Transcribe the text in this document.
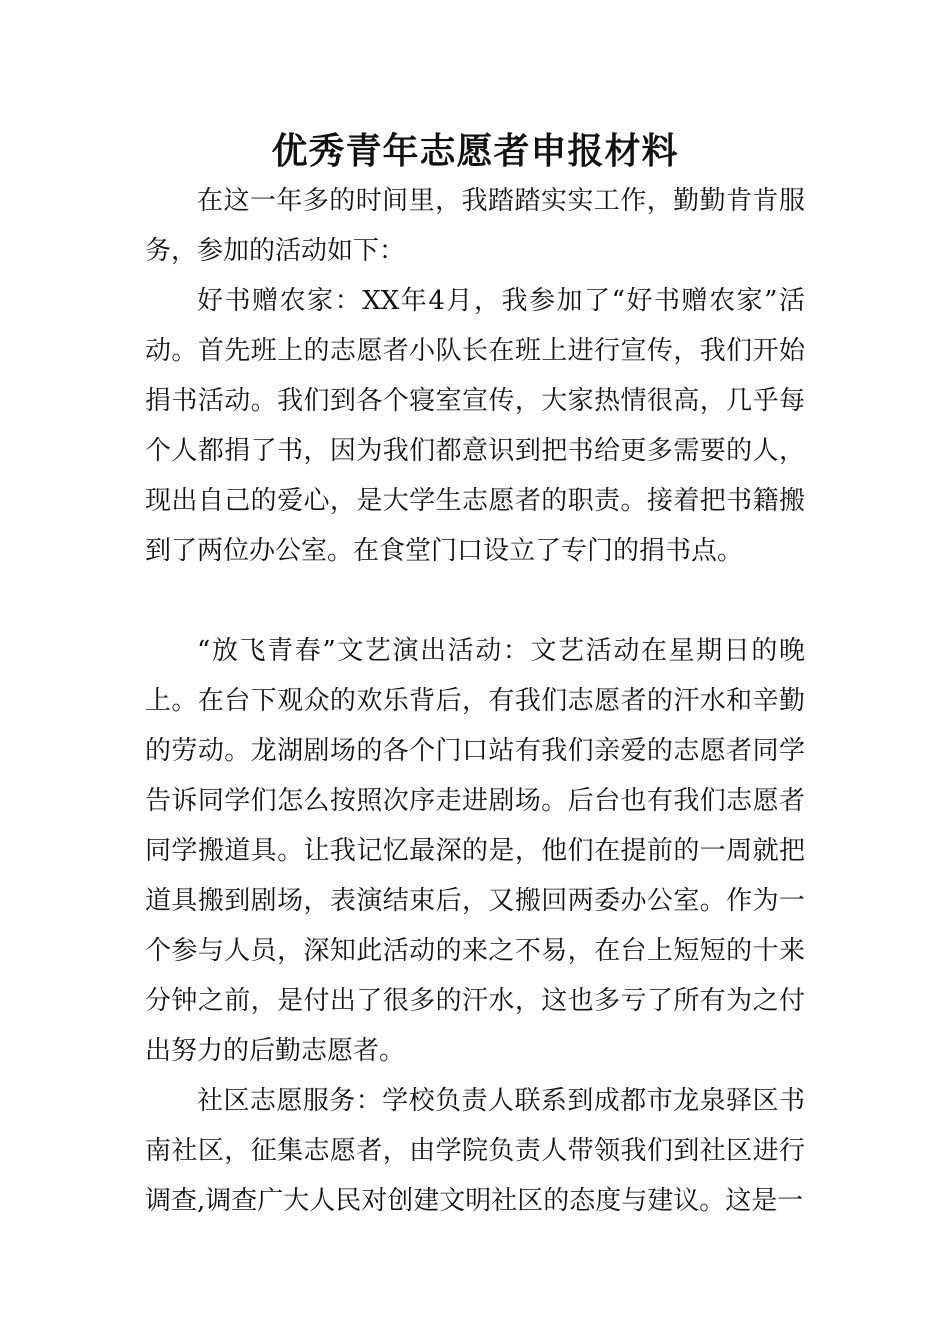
优秀青年志愿者申报材料

在这一年多的时间里，我踏踏实实工作，勤勤肯肯服务，参加的活动如下：

好书赠农家：XX年4月，我参加了“好书赠农家”活动。首先班上的志愿者小队长在班上进行宣传，我们开始捐书活动。我们到各个寝室宣传，大家热情很高，几乎每个人都捐了书，因为我们都意识到把书给更多需要的人，现出自己的爱心，是大学生志愿者的职责。接着把书籍搬到了两位办公室。在食堂门口设立了专门的捐书点。

“放飞青春”文艺演出活动：文艺活动在星期日的晚上。在台下观众的欢乐背后，有我们志愿者的汗水和辛勤的劳动。龙湖剧场的各个门口站有我们亲爱的志愿者同学告诉同学们怎么按照次序走进剧场。后台也有我们志愿者同学搬道具。让我记忆最深的是，他们在提前的一周就把道具搬到剧场，表演结束后，又搬回两委办公室。作为一个参与人员，深知此活动的来之不易，在台上短短的十来分钟之前，是付出了很多的汗水，这也多亏了所有为之付出努力的后勤志愿者。

社区志愿服务：学校负责人联系到成都市龙泉驿区书南社区，征集志愿者，由学院负责人带领我们到社区进行调查,调查广大人民对创建文明社区的态度与建议。这是一
